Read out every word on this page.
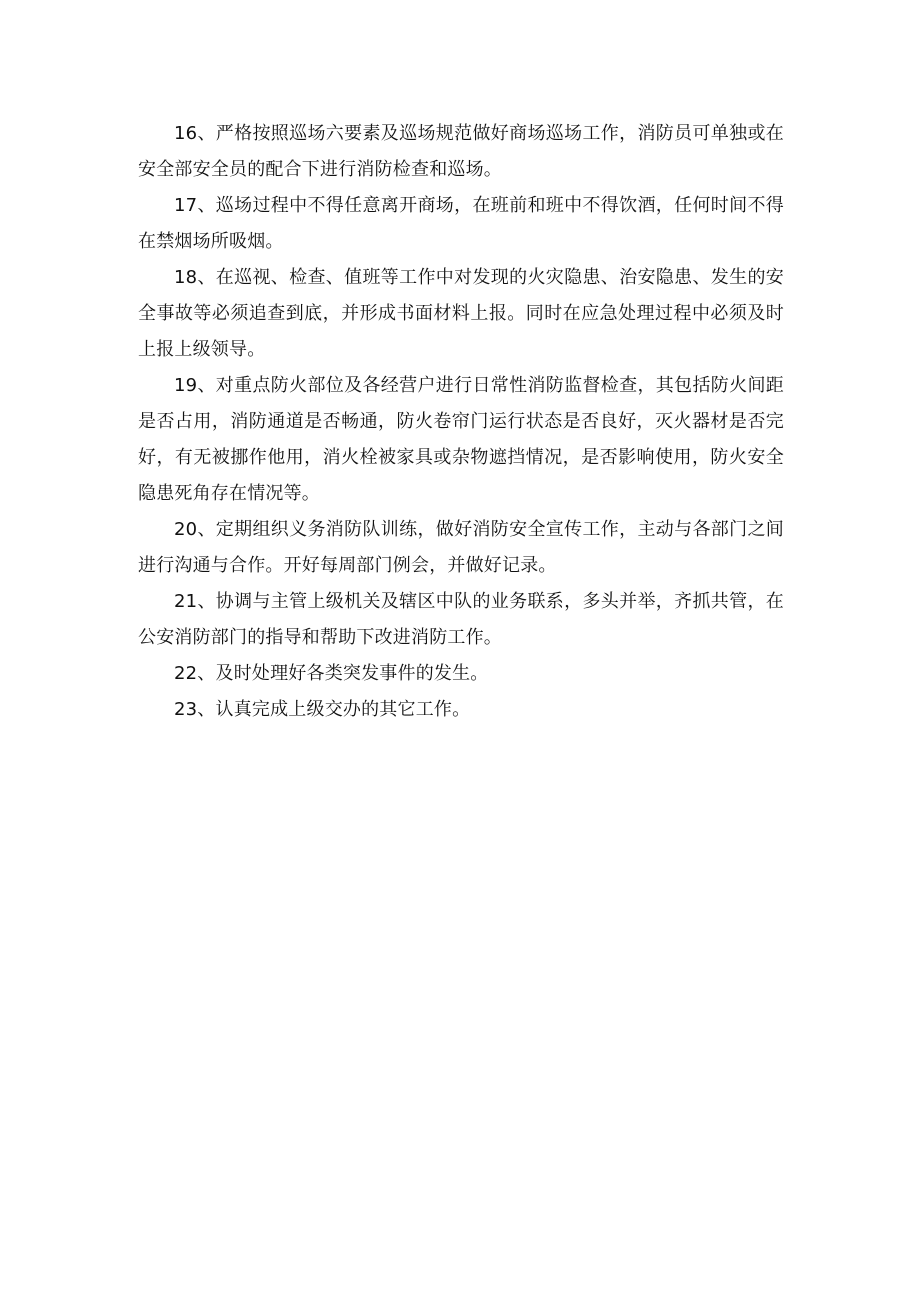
16、严格按照巡场六要素及巡场规范做好商场巡场工作，消防员可单独或在安全部安全员的配合下进行消防检查和巡场。

17、巡场过程中不得任意离开商场，在班前和班中不得饮酒，任何时间不得在禁烟场所吸烟。

18、在巡视、检查、值班等工作中对发现的火灾隐患、治安隐患、发生的安全事故等必须追查到底，并形成书面材料上报。同时在应急处理过程中必须及时上报上级领导。

19、对重点防火部位及各经营户进行日常性消防监督检查，其包括防火间距是否占用，消防通道是否畅通，防火卷帘门运行状态是否良好，灭火器材是否完好，有无被挪作他用，消火栓被家具或杂物遮挡情况，是否影响使用，防火安全隐患死角存在情况等。

20、定期组织义务消防队训练，做好消防安全宣传工作，主动与各部门之间进行沟通与合作。开好每周部门例会，并做好记录。

21、协调与主管上级机关及辖区中队的业务联系，多头并举，齐抓共管，在公安消防部门的指导和帮助下改进消防工作。

22、及时处理好各类突发事件的发生。

23、认真完成上级交办的其它工作。
